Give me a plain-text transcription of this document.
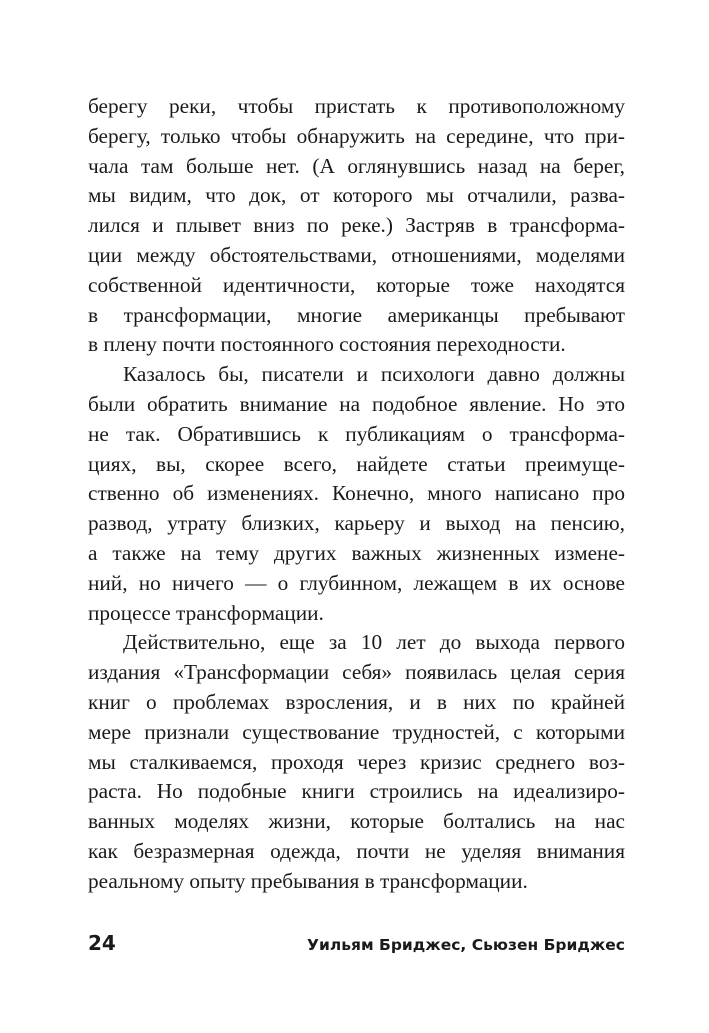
берегу реки, чтобы пристать к противоположному
берегу, только чтобы обнаружить на середине, что при-
чала там больше нет. (А оглянувшись назад на берег,
мы видим, что док, от которого мы отчалили, разва-
лился и плывет вниз по реке.) Застряв в трансформа-
ции между обстоятельствами, отношениями, моделями
собственной идентичности, которые тоже находятся
в трансформации, многие американцы пребывают
в плену почти постоянного состояния переходности.
Казалось бы, писатели и психологи давно должны
были обратить внимание на подобное явление. Но это
не так. Обратившись к публикациям о трансформа-
циях, вы, скорее всего, найдете статьи преимуще-
ственно об изменениях. Конечно, много написано про
развод, утрату близких, карьеру и выход на пенсию,
а также на тему других важных жизненных измене-
ний, но ничего — о глубинном, лежащем в их основе
процессе трансформации.
Действительно, еще за 10 лет до выхода первого
издания «Трансформации себя» появилась целая серия
книг о проблемах взросления, и в них по крайней
мере признали существование трудностей, с которыми
мы сталкиваемся, проходя через кризис среднего воз-
раста. Но подобные книги строились на идеализиро-
ванных моделях жизни, которые болтались на нас
как безразмерная одежда, почти не уделяя внимания
реальному опыту пребывания в трансформации.
24	Уильям Бриджес, Сьюзен Бриджес
